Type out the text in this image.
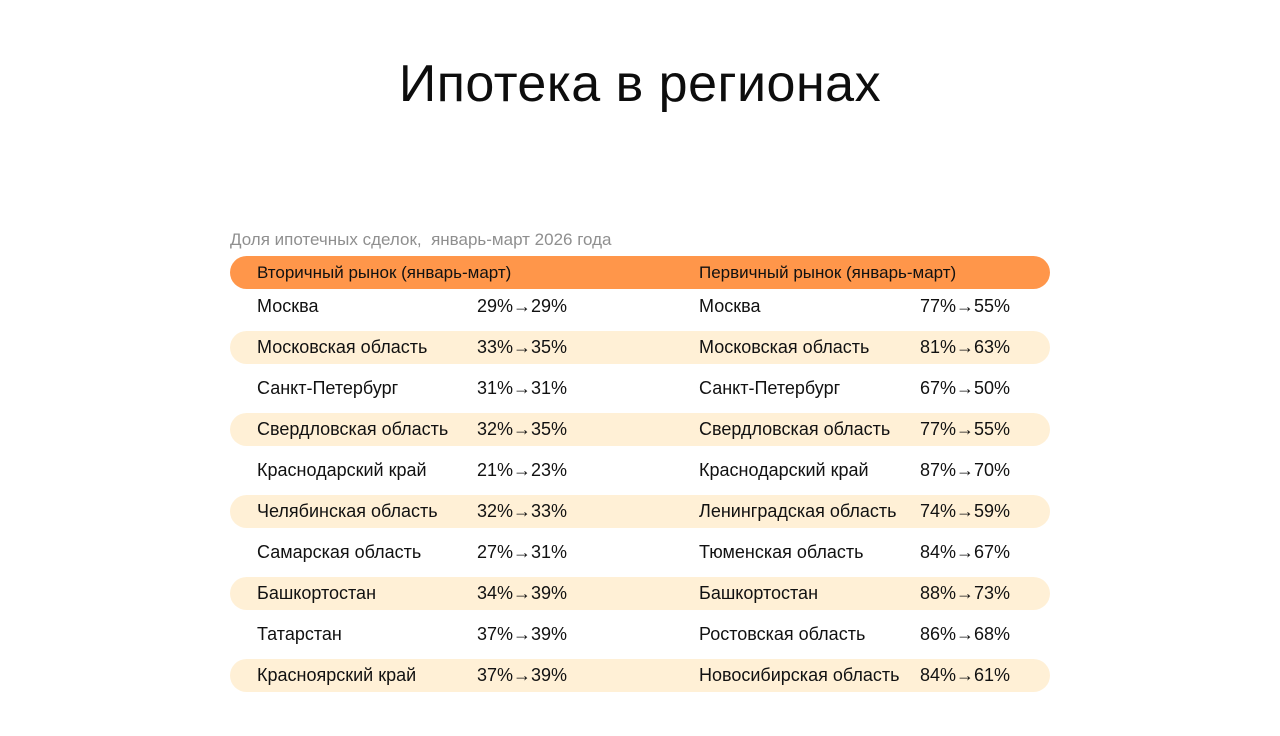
Ипотека в регионах
Доля ипотечных сделок,  январь-март 2026 года
Вторичный рынок (январь-март)	Первичный рынок (январь-март)
Москва	29%→29%	Москва	77%→55%
Московская область	33%→35%	Московская область	81%→63%
Санкт-Петербург	31%→31%	Санкт-Петербург	67%→50%
Свердловская область 32%→35%	Свердловская область 77%→55%
Краснодарский край	21%→23%	Краснодарский край	87%→70%
Челябинская область 32%→33%	Ленинградская область 74%→59%
Самарская область	27%→31%	Тюменская область	84%→67%
Башкортостан	34%→39%	Башкортостан	88%→73%
Татарстан	37%→39%	Ростовская область	86%→68%
Красноярский край	37%→39%	Новосибирская область 84%→61%
